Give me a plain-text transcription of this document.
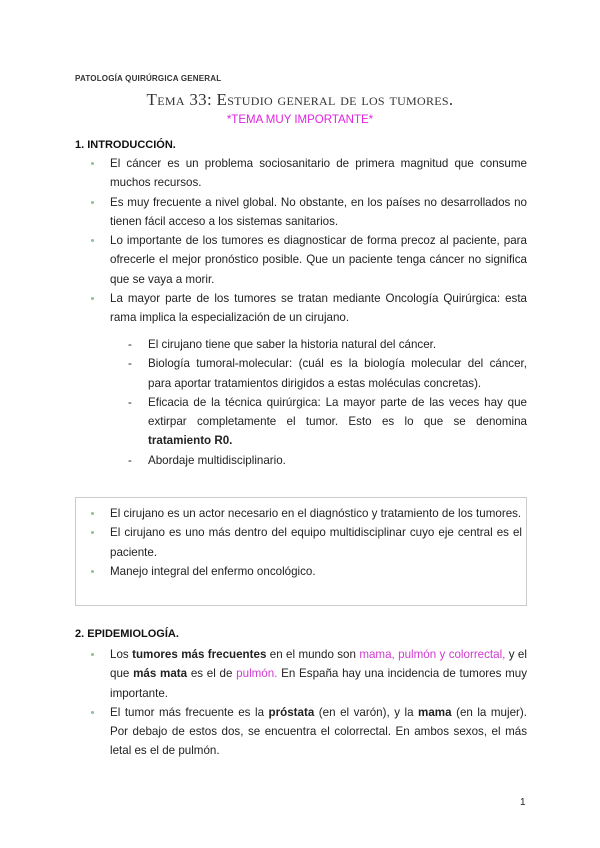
PATOLOGÍA QUIRÚRGICA GENERAL
Tema 33: Estudio general de los tumores.
*TEMA MUY IMPORTANTE*
1. INTRODUCCIÓN.
El cáncer es un problema sociosanitario de primera magnitud que consume muchos recursos.
Es muy frecuente a nivel global. No obstante, en los países no desarrollados no tienen fácil acceso a los sistemas sanitarios.
Lo importante de los tumores es diagnosticar de forma precoz al paciente, para ofrecerle el mejor pronóstico posible. Que un paciente tenga cáncer no significa que se vaya a morir.
La mayor parte de los tumores se tratan mediante Oncología Quirúrgica: esta rama implica la especialización de un cirujano.
- El cirujano tiene que saber la historia natural del cáncer.
- Biología tumoral-molecular: (cuál es la biología molecular del cáncer, para aportar tratamientos dirigidos a estas moléculas concretas).
- Eficacia de la técnica quirúrgica: La mayor parte de las veces hay que extirpar completamente el tumor. Esto es lo que se denomina tratamiento R0.
- Abordaje multidisciplinario.
El cirujano es un actor necesario en el diagnóstico y tratamiento de los tumores.
El cirujano es uno más dentro del equipo multidisciplinar cuyo eje central es el paciente.
Manejo integral del enfermo oncológico.
2. EPIDEMIOLOGÍA.
Los tumores más frecuentes en el mundo son mama, pulmón y colorrectal, y el que más mata es el de pulmón. En España hay una incidencia de tumores muy importante.
El tumor más frecuente es la próstata (en el varón), y la mama (en la mujer). Por debajo de estos dos, se encuentra el colorrectal. En ambos sexos, el más letal es el de pulmón.
1
